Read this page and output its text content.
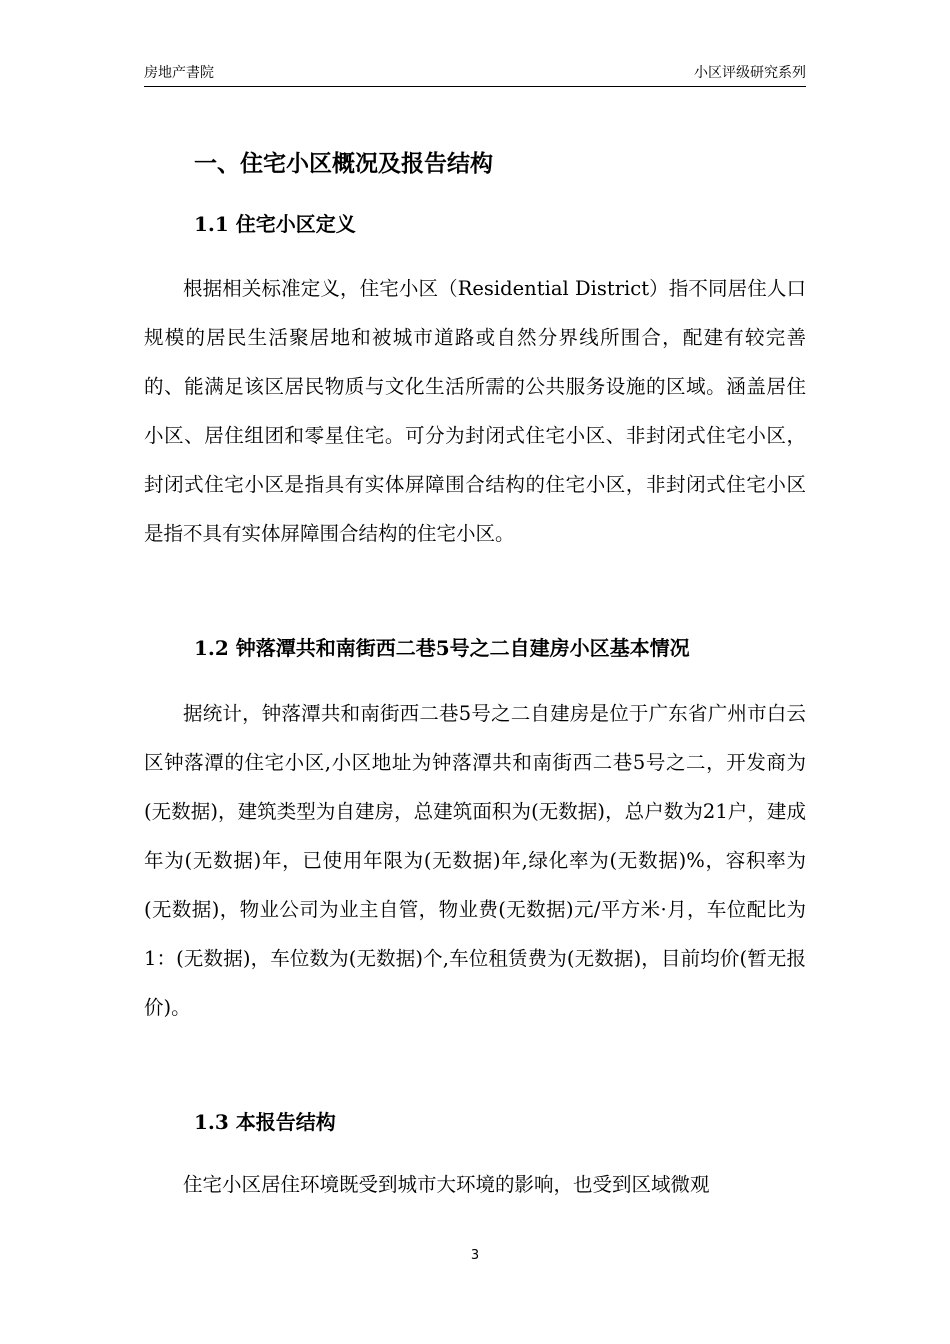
房地产書院	小区评级研究系列
一、住宅小区概况及报告结构
1.1 住宅小区定义

根据相关标准定义，住宅小区（Residential District）指不同居住人口规模的居民生活聚居地和被城市道路或自然分界线所围合，配建有较完善的、能满足该区居民物质与文化生活所需的公共服务设施的区域。涵盖居住小区、居住组团和零星住宅。可分为封闭式住宅小区、非封闭式住宅小区，封闭式住宅小区是指具有实体屏障围合结构的住宅小区，非封闭式住宅小区是指不具有实体屏障围合结构的住宅小区。

1.2 钟落潭共和南街西二巷5号之二自建房小区基本情况

据统计，钟落潭共和南街西二巷5号之二自建房是位于广东省广州市白云区钟落潭的住宅小区,小区地址为钟落潭共和南街西二巷5号之二，开发商为(无数据)，建筑类型为自建房，总建筑面积为(无数据)，总户数为21户，建成年为(无数据)年，已使用年限为(无数据)年,绿化率为(无数据)%，容积率为(无数据)，物业公司为业主自管，物业费(无数据)元/平方米·月，车位配比为1：(无数据)，车位数为(无数据)个,车位租赁费为(无数据)，目前均价(暂无报价)。

1.3 本报告结构

住宅小区居住环境既受到城市大环境的影响，也受到区域微观

3
